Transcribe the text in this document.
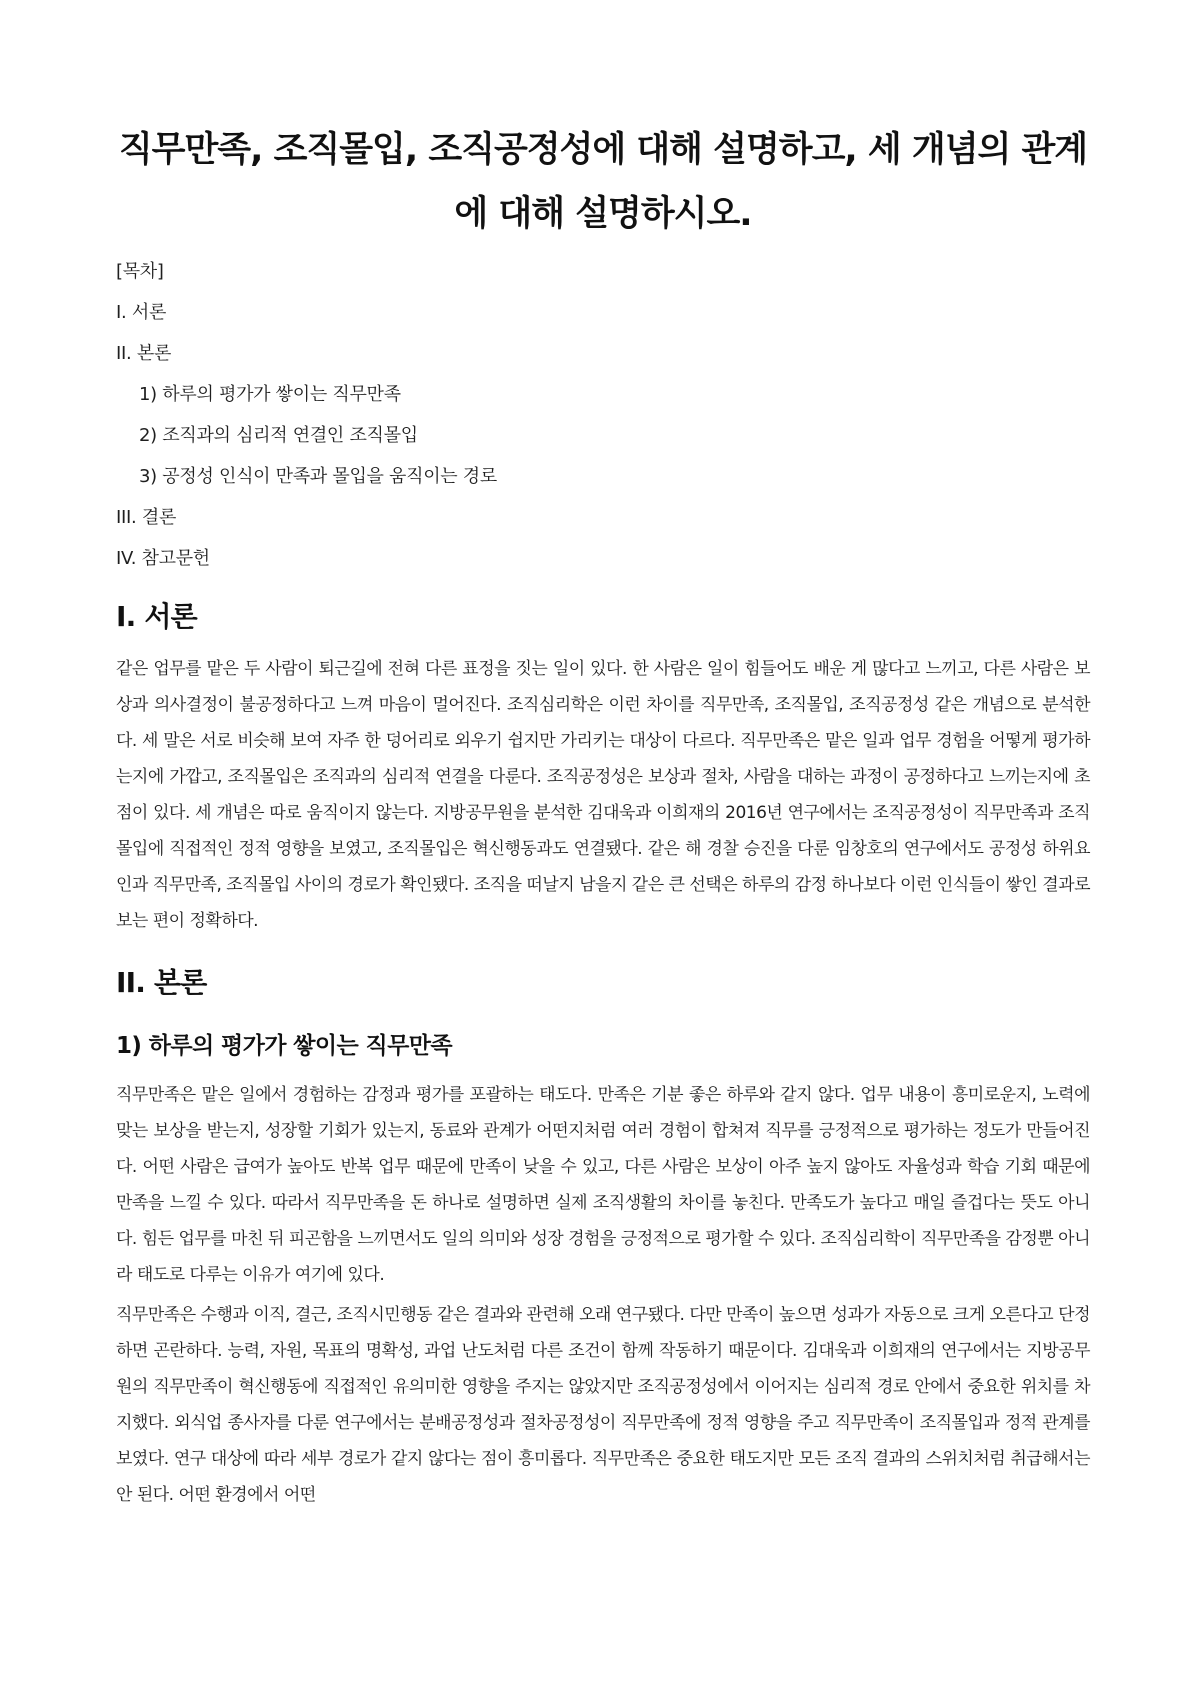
직무만족, 조직몰입, 조직공정성에 대해 설명하고, 세 개념의 관계에 대해 설명하시오.
[목차]
I. 서론
II. 본론
1) 하루의 평가가 쌓이는 직무만족
2) 조직과의 심리적 연결인 조직몰입
3) 공정성 인식이 만족과 몰입을 움직이는 경로
III. 결론
IV. 참고문헌
I. 서론

같은 업무를 맡은 두 사람이 퇴근길에 전혀 다른 표정을 짓는 일이 있다. 한 사람은 일이 힘들어도 배운 게 많다고 느끼고, 다른 사람은 보상과 의사결정이 불공정하다고 느껴 마음이 멀어진다. 조직심리학은 이런 차이를 직무만족, 조직몰입, 조직공정성 같은 개념으로 분석한다. 세 말은 서로 비슷해 보여 자주 한 덩어리로 외우기 쉽지만 가리키는 대상이 다르다. 직무만족은 맡은 일과 업무 경험을 어떻게 평가하는지에 가깝고, 조직몰입은 조직과의 심리적 연결을 다룬다. 조직공정성은 보상과 절차, 사람을 대하는 과정이 공정하다고 느끼는지에 초점이 있다. 세 개념은 따로 움직이지 않는다. 지방공무원을 분석한 김대욱과 이희재의 2016년 연구에서는 조직공정성이 직무만족과 조직몰입에 직접적인 정적 영향을 보였고, 조직몰입은 혁신행동과도 연결됐다. 같은 해 경찰 승진을 다룬 임창호의 연구에서도 공정성 하위요인과 직무만족, 조직몰입 사이의 경로가 확인됐다. 조직을 떠날지 남을지 같은 큰 선택은 하루의 감정 하나보다 이런 인식들이 쌓인 결과로 보는 편이 정확하다.

II. 본론
1) 하루의 평가가 쌓이는 직무만족

직무만족은 맡은 일에서 경험하는 감정과 평가를 포괄하는 태도다. 만족은 기분 좋은 하루와 같지 않다. 업무 내용이 흥미로운지, 노력에 맞는 보상을 받는지, 성장할 기회가 있는지, 동료와 관계가 어떤지처럼 여러 경험이 합쳐져 직무를 긍정적으로 평가하는 정도가 만들어진다. 어떤 사람은 급여가 높아도 반복 업무 때문에 만족이 낮을 수 있고, 다른 사람은 보상이 아주 높지 않아도 자율성과 학습 기회 때문에 만족을 느낄 수 있다. 따라서 직무만족을 돈 하나로 설명하면 실제 조직생활의 차이를 놓친다. 만족도가 높다고 매일 즐겁다는 뜻도 아니다. 힘든 업무를 마친 뒤 피곤함을 느끼면서도 일의 의미와 성장 경험을 긍정적으로 평가할 수 있다. 조직심리학이 직무만족을 감정뿐 아니라 태도로 다루는 이유가 여기에 있다.

직무만족은 수행과 이직, 결근, 조직시민행동 같은 결과와 관련해 오래 연구됐다. 다만 만족이 높으면 성과가 자동으로 크게 오른다고 단정하면 곤란하다. 능력, 자원, 목표의 명확성, 과업 난도처럼 다른 조건이 함께 작동하기 때문이다. 김대욱과 이희재의 연구에서는 지방공무원의 직무만족이 혁신행동에 직접적인 유의미한 영향을 주지는 않았지만 조직공정성에서 이어지는 심리적 경로 안에서 중요한 위치를 차지했다. 외식업 종사자를 다룬 연구에서는 분배공정성과 절차공정성이 직무만족에 정적 영향을 주고 직무만족이 조직몰입과 정적 관계를 보였다. 연구 대상에 따라 세부 경로가 같지 않다는 점이 흥미롭다. 직무만족은 중요한 태도지만 모든 조직 결과의 스위치처럼 취급해서는 안 된다. 어떤 환경에서 어떤
